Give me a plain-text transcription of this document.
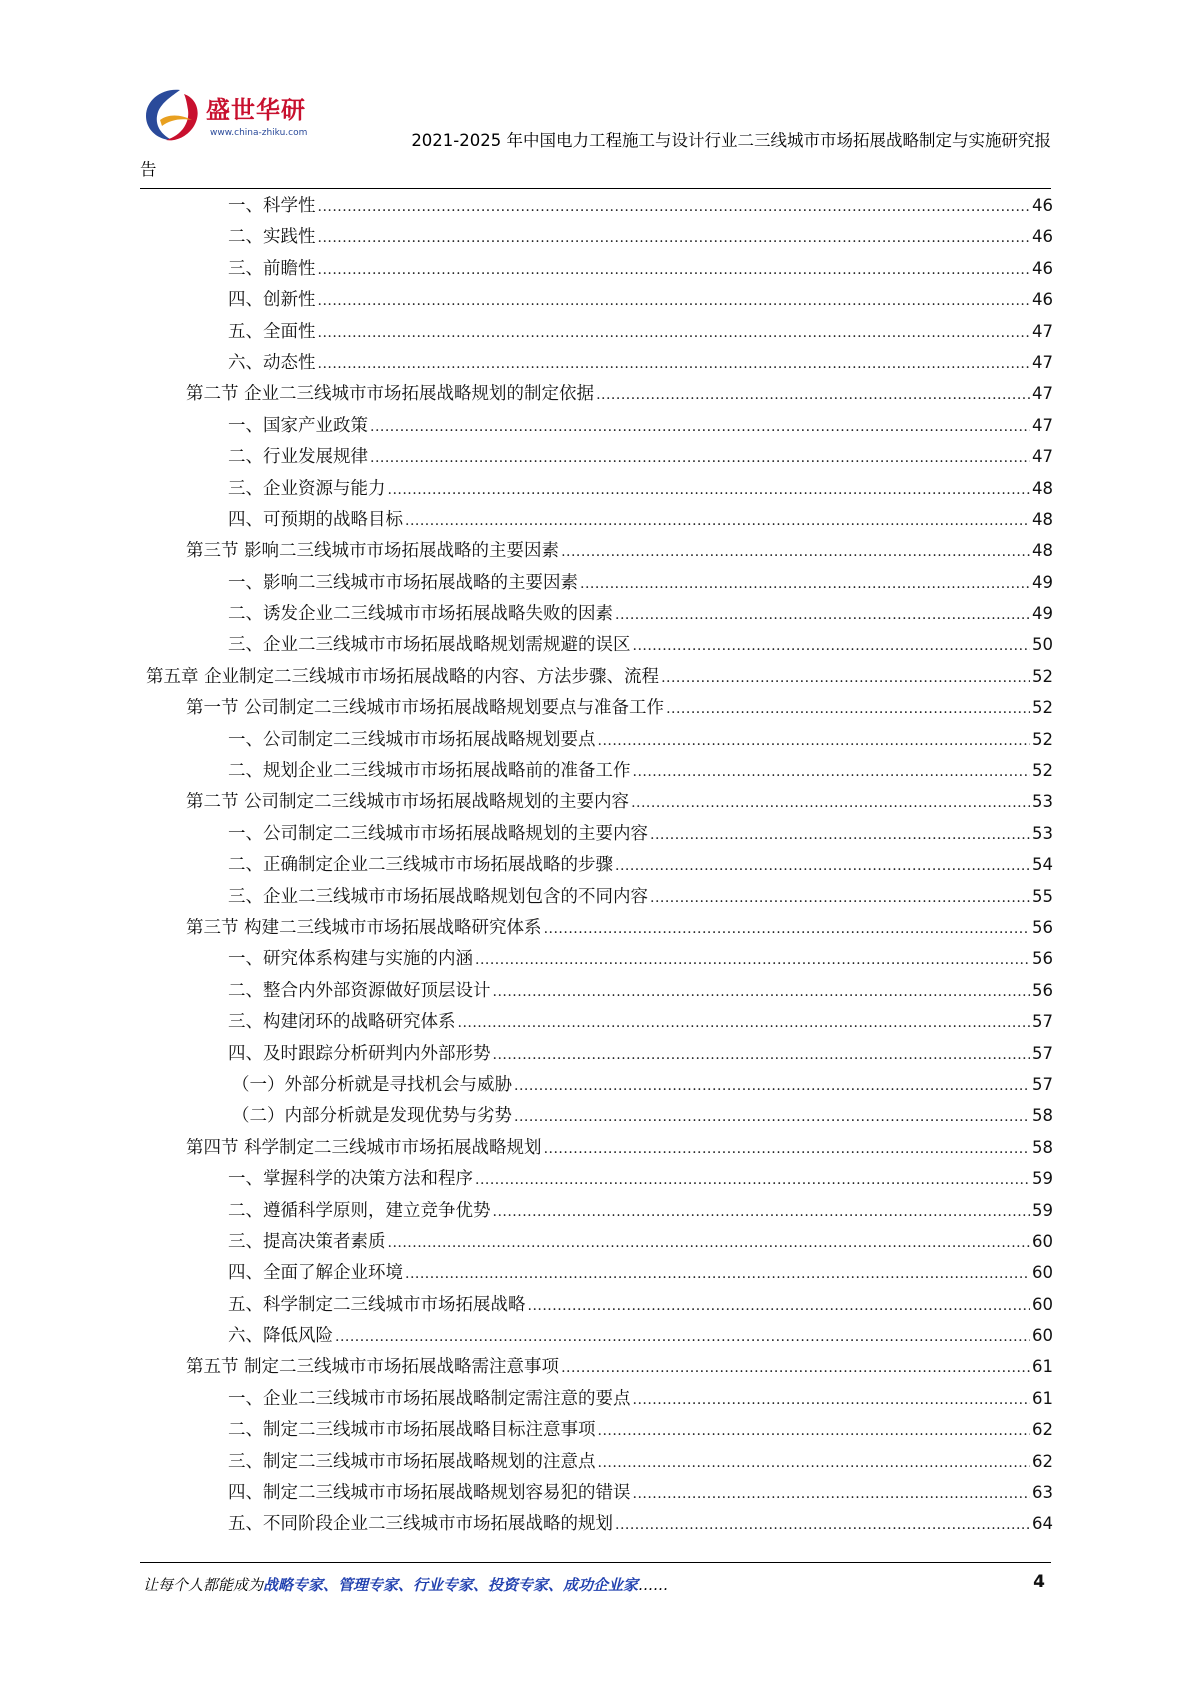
盛世华研
www.china-zhiku.com	2021-2025 年中国电力工程施工与设计行业二三线城市市场拓展战略制定与实施研究报
告
一、科学性 .....	46
二、实践性 .....	46
三、前瞻性 .....	46
四、创新性 .....	46
五、全面性 .....	47
六、动态性 .....	47
第二节 企业二三线城市市场拓展战略规划的制定依据 .....	47
一、国家产业政策 .....	47
二、行业发展规律 .....	47
三、企业资源与能力 .....	48
四、可预期的战略目标 .....	48
第三节 影响二三线城市市场拓展战略的主要因素 .....	48
一、影响二三线城市市场拓展战略的主要因素 .....	49
二、诱发企业二三线城市市场拓展战略失败的因素 .....	49
三、企业二三线城市市场拓展战略规划需规避的误区 .....	50
第五章 企业制定二三线城市市场拓展战略的内容、方法步骤、流程 .....	52
第一节 公司制定二三线城市市场拓展战略规划要点与准备工作 .....	52
一、公司制定二三线城市市场拓展战略规划要点 .....	52
二、规划企业二三线城市市场拓展战略前的准备工作 .....	52
第二节 公司制定二三线城市市场拓展战略规划的主要内容 .....	53
一、公司制定二三线城市市场拓展战略规划的主要内容 .....	53
二、正确制定企业二三线城市市场拓展战略的步骤 .....	54
三、企业二三线城市市场拓展战略规划包含的不同内容 .....	55
第三节 构建二三线城市市场拓展战略研究体系 .....	56
一、研究体系构建与实施的内涵 .....	56
二、整合内外部资源做好顶层设计 .....	56
三、构建闭环的战略研究体系 .....	57
四、及时跟踪分析研判内外部形势 .....	57
（一）外部分析就是寻找机会与威胁 .....	57
（二）内部分析就是发现优势与劣势 .....	58
第四节 科学制定二三线城市市场拓展战略规划 .....	58
一、掌握科学的决策方法和程序 .....	59
二、遵循科学原则，建立竞争优势 .....	59
三、提高决策者素质 .....	60
四、全面了解企业环境 .....	60
五、科学制定二三线城市市场拓展战略 .....	60
六、降低风险 .....	60
第五节 制定二三线城市市场拓展战略需注意事项 .....	61
一、企业二三线城市市场拓展战略制定需注意的要点 .....	61
二、制定二三线城市市场拓展战略目标注意事项 .....	62
三、制定二三线城市市场拓展战略规划的注意点 .....	62
四、制定二三线城市市场拓展战略规划容易犯的错误 .....	63
五、不同阶段企业二三线城市市场拓展战略的规划 .....	64
让每个人都能成为战略专家、管理专家、行业专家、投资专家、成功企业家……	4
